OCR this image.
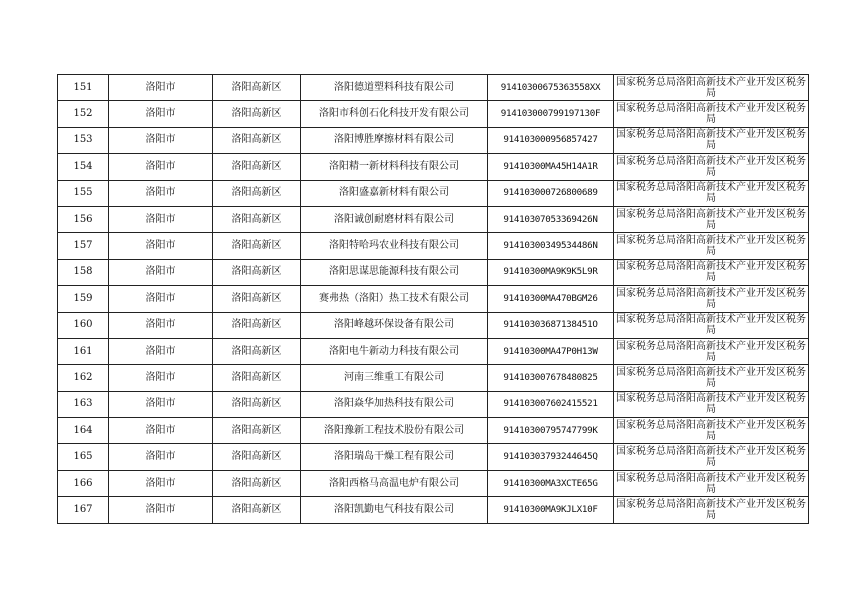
151	洛阳市	洛阳高新区	洛阳德道塑料科技有限公司	91410300675363558XX	国家税务总局洛阳高新技术产业开发区税务局
152	洛阳市	洛阳高新区	洛阳市科创石化科技开发有限公司	914103000799197130F	国家税务总局洛阳高新技术产业开发区税务局
153	洛阳市	洛阳高新区	洛阳博胜摩擦材料有限公司	914103000956857427	国家税务总局洛阳高新技术产业开发区税务局
154	洛阳市	洛阳高新区	洛阳精一新材料科技有限公司	91410300MA45H14A1R	国家税务总局洛阳高新技术产业开发区税务局
155	洛阳市	洛阳高新区	洛阳盛嘉新材料有限公司	914103000726800689	国家税务总局洛阳高新技术产业开发区税务局
156	洛阳市	洛阳高新区	洛阳诚创耐磨材料有限公司	91410307053369426N	国家税务总局洛阳高新技术产业开发区税务局
157	洛阳市	洛阳高新区	洛阳特哈玛农业科技有限公司	91410300349534486N	国家税务总局洛阳高新技术产业开发区税务局
158	洛阳市	洛阳高新区	洛阳思谋思能源科技有限公司	91410300MA9K9K5L9R	国家税务总局洛阳高新技术产业开发区税务局
159	洛阳市	洛阳高新区	赛弗热（洛阳）热工技术有限公司	91410300MA470BGM26	国家税务总局洛阳高新技术产业开发区税务局
160	洛阳市	洛阳高新区	洛阳峰越环保设备有限公司	91410303687138451O	国家税务总局洛阳高新技术产业开发区税务局
161	洛阳市	洛阳高新区	洛阳电牛新动力科技有限公司	91410300MA47P0H13W	国家税务总局洛阳高新技术产业开发区税务局
162	洛阳市	洛阳高新区	河南三维重工有限公司	914103007678480825	国家税务总局洛阳高新技术产业开发区税务局
163	洛阳市	洛阳高新区	洛阳焱华加热科技有限公司	914103007602415521	国家税务总局洛阳高新技术产业开发区税务局
164	洛阳市	洛阳高新区	洛阳豫新工程技术股份有限公司	91410300795747799K	国家税务总局洛阳高新技术产业开发区税务局
165	洛阳市	洛阳高新区	洛阳瑞岛干燥工程有限公司	91410303793244645Q	国家税务总局洛阳高新技术产业开发区税务局
166	洛阳市	洛阳高新区	洛阳西格马高温电炉有限公司	91410300MA3XCTE65G	国家税务总局洛阳高新技术产业开发区税务局
167	洛阳市	洛阳高新区	洛阳凯勤电气科技有限公司	91410300MA9KJLX10F	国家税务总局洛阳高新技术产业开发区税务局
